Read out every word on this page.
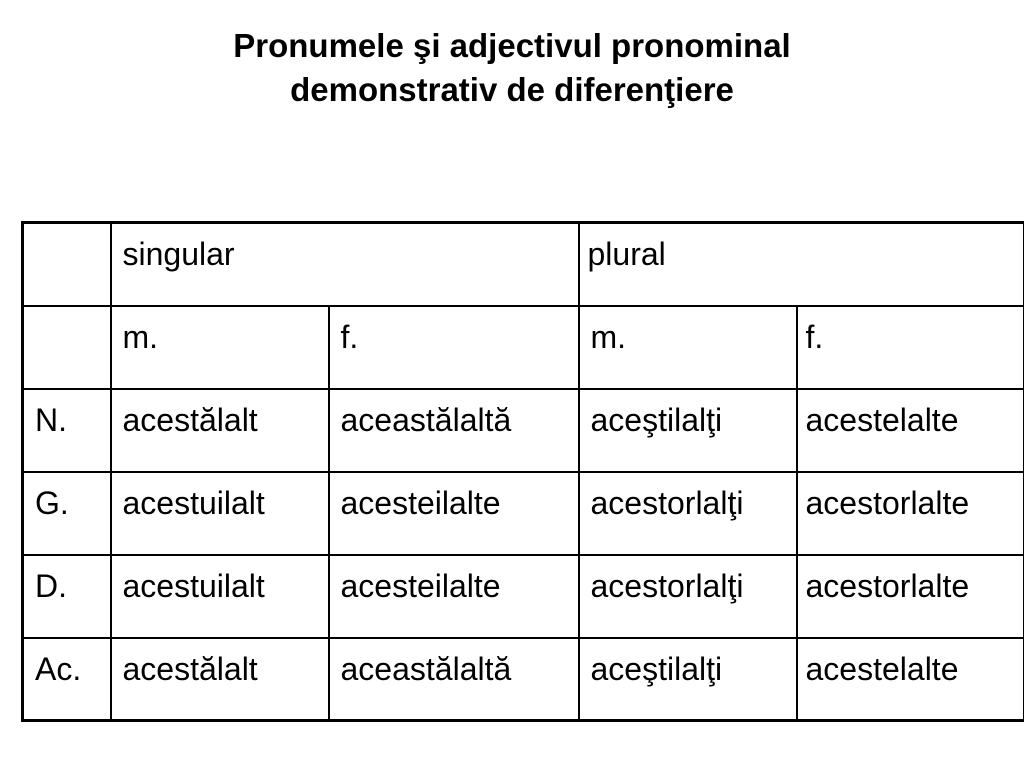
Pronumele şi adjectivul pronominal
demonstrativ de diferenţiere
	singular		plural	
	m.	f.	m.	f.
N.	acestălalt	aceastălaltă	aceştilalţi	acestelalte
G.	acestuilalt	acesteilalte	acestorlalţi	acestorlalte
D.	acestuilalt	acesteilalte	acestorlalţi	acestorlalte
Ac.	acestălalt	aceastălaltă	aceştilalţi	acestelalte
